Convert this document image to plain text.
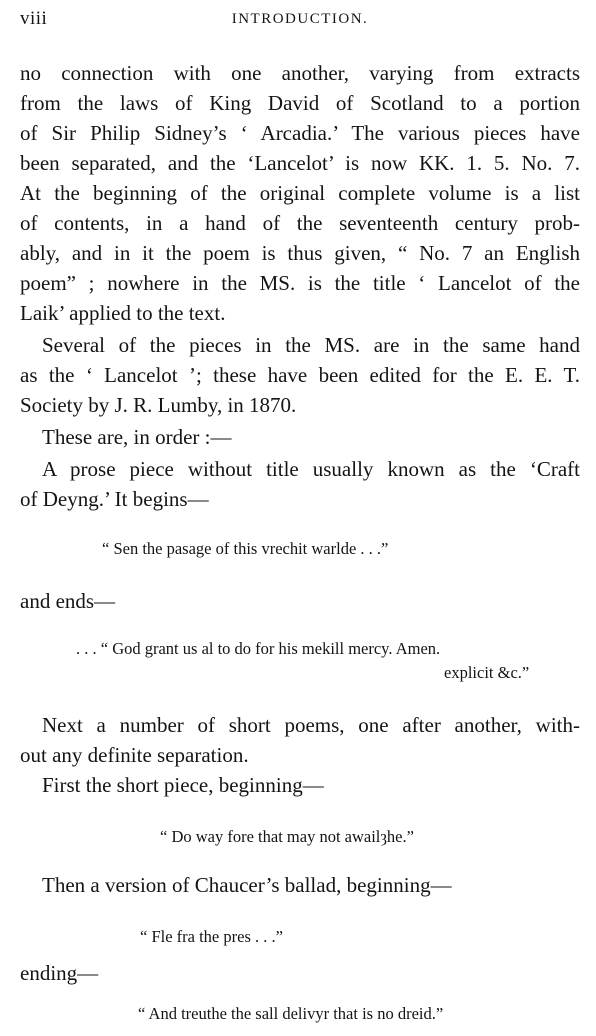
viii	INTRODUCTION.
no connection with one another, varying from extracts
from the laws of King David of Scotland to a portion
of Sir Philip Sidney’s ‘ Arcadia.’ The various pieces have
been separated, and the ‘Lancelot’ is now KK. 1. 5. No. 7.
At the beginning of the original complete volume is a list
of contents, in a hand of the seventeenth century prob-
ably, and in it the poem is thus given, “ No. 7 an English
poem” ; nowhere in the MS. is the title ‘ Lancelot of the
Laik’ applied to the text.
Several of the pieces in the MS. are in the same hand
as the ‘ Lancelot ’; these have been edited for the E. E. T.
Society by J. R. Lumby, in 1870.
These are, in order :—
A prose piece without title usually known as the ‘Craft
of Deyng.’ It begins—
“ Sen the pasage of this vrechit warlde . . .”
and ends—
. . . “ God grant us al to do for his mekill mercy. Amen.
explicit &c.”
Next a number of short poems, one after another, with-
out any definite separation.
First the short piece, beginning—
“ Do way fore that may not awailȝhe.”
Then a version of Chaucer’s ballad, beginning—
“ Fle fra the pres . . .”
ending—
“ And treuthe the sall delivyr that is no dreid.”
